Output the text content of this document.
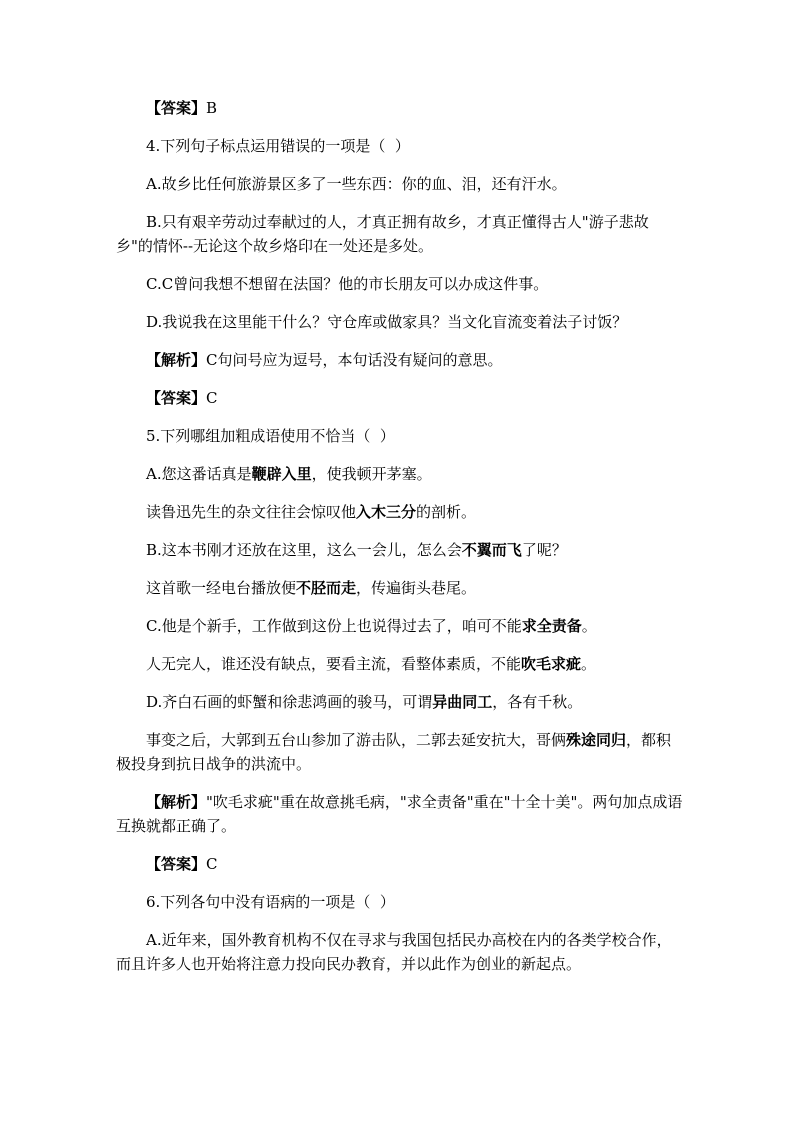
【答案】B

4.下列句子标点运用错误的一项是（  ）

A.故乡比任何旅游景区多了一些东西：你的血、泪，还有汗水。

B.只有艰辛劳动过奉献过的人，才真正拥有故乡，才真正懂得古人"游子悲故乡"的情怀--无论这个故乡烙印在一处还是多处。

C.C曾问我想不想留在法国？他的市长朋友可以办成这件事。

D.我说我在这里能干什么？守仓库或做家具？当文化盲流变着法子讨饭？

【解析】C句问号应为逗号，本句话没有疑问的意思。

【答案】C

5.下列哪组加粗成语使用不恰当（  ）

A.您这番话真是鞭辟入里，使我顿开茅塞。

读鲁迅先生的杂文往往会惊叹他入木三分的剖析。

B.这本书刚才还放在这里，这么一会儿，怎么会不翼而飞了呢？

这首歌一经电台播放便不胫而走，传遍街头巷尾。

C.他是个新手，工作做到这份上也说得过去了，咱可不能求全责备。

人无完人，谁还没有缺点，要看主流，看整体素质，不能吹毛求疵。

D.齐白石画的虾蟹和徐悲鸿画的骏马，可谓异曲同工，各有千秋。

事变之后，大郭到五台山参加了游击队，二郭去延安抗大，哥俩殊途同归，都积极投身到抗日战争的洪流中。

【解析】"吹毛求疵"重在故意挑毛病，"求全责备"重在"十全十美"。两句加点成语互换就都正确了。

【答案】C

6.下列各句中没有语病的一项是（  ）

A.近年来，国外教育机构不仅在寻求与我国包括民办高校在内的各类学校合作，而且许多人也开始将注意力投向民办教育，并以此作为创业的新起点。
